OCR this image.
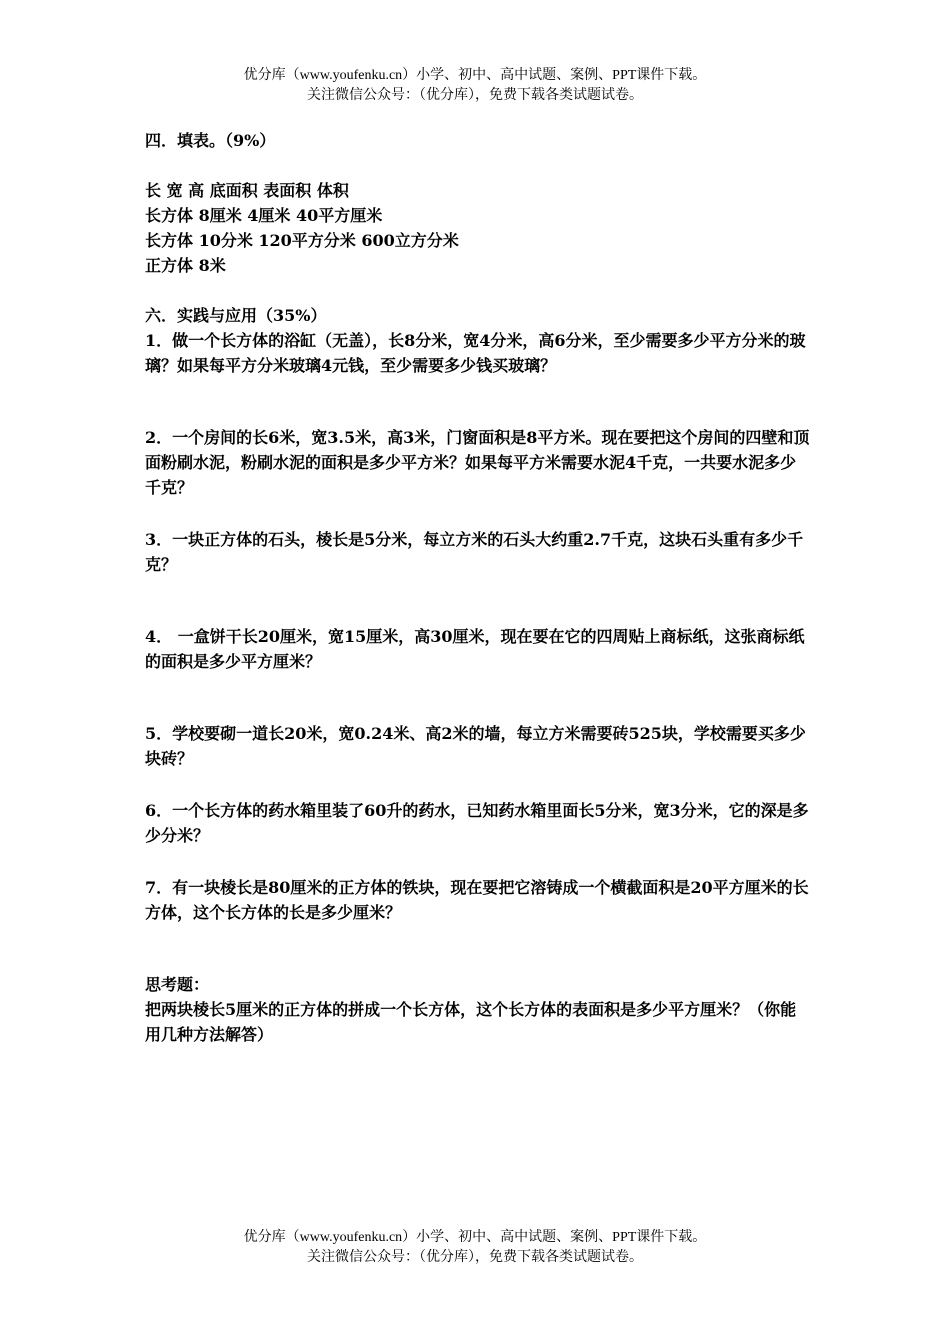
优分库（www.youfenku.cn）小学、初中、高中试题、案例、PPT课件下载。
关注微信公众号：（优分库），免费下载各类试题试卷。
四．填表。（9%）
长 宽 高 底面积 表面积 体积
长方体 8厘米 4厘米 40平方厘米
长方体 10分米 120平方分米 600立方分米
正方体 8米
六．实践与应用（35%）
1．做一个长方体的浴缸（无盖），长8分米，宽4分米，高6分米，至少需要多少平方分米的玻璃？如果每平方分米玻璃4元钱，至少需要多少钱买玻璃？
2．一个房间的长6米，宽3.5米，高3米，门窗面积是8平方米。现在要把这个房间的四壁和顶面粉刷水泥，粉刷水泥的面积是多少平方米？如果每平方米需要水泥4千克，一共要水泥多少千克？
3．一块正方体的石头，棱长是5分米，每立方米的石头大约重2.7千克，这块石头重有多少千克？
4． 一盒饼干长20厘米，宽15厘米，高30厘米，现在要在它的四周贴上商标纸，这张商标纸的面积是多少平方厘米？
5．学校要砌一道长20米，宽0.24米、高2米的墙，每立方米需要砖525块，学校需要买多少块砖？
6．一个长方体的药水箱里装了60升的药水，已知药水箱里面长5分米，宽3分米，它的深是多少分米？
7．有一块棱长是80厘米的正方体的铁块，现在要把它溶铸成一个横截面积是20平方厘米的长方体，这个长方体的长是多少厘米？
思考题：
把两块棱长5厘米的正方体的拼成一个长方体，这个长方体的表面积是多少平方厘米？（你能用几种方法解答）
优分库（www.youfenku.cn）小学、初中、高中试题、案例、PPT课件下载。
关注微信公众号：（优分库），免费下载各类试题试卷。
